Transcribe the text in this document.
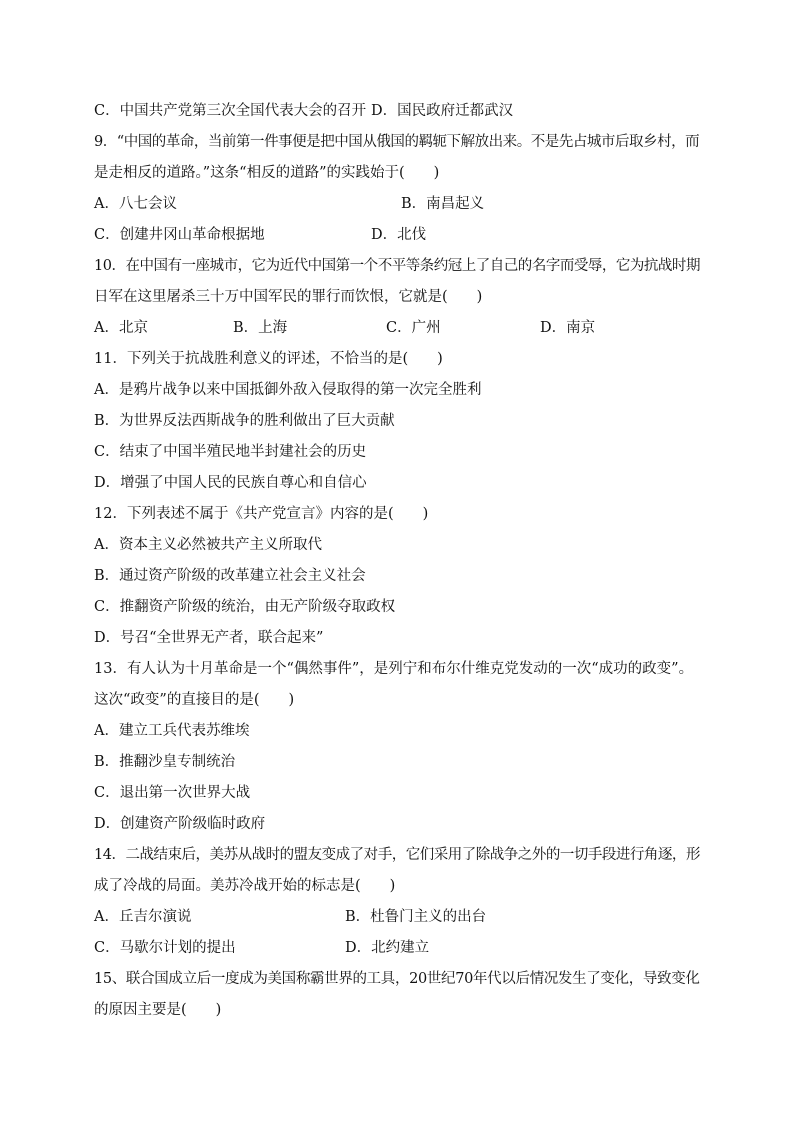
C．中国共产党第三次全国代表大会的召开 D．国民政府迁都武汉
9．“中国的革命，当前第一件事便是把中国从俄国的羁轭下解放出来。不是先占城市后取乡村，而
是走相反的道路。”这条“相反的道路”的实践始于(　　)
A．八七会议	B．南昌起义
C．创建井冈山革命根据地	D．北伐
10．在中国有一座城市，它为近代中国第一个不平等条约冠上了自己的名字而受辱，它为抗战时期
日军在这里屠杀三十万中国军民的罪行而饮恨，它就是(　　)
A．北京	B．上海	C．广州	D．南京
11．下列关于抗战胜利意义的评述，不恰当的是(　　)
A．是鸦片战争以来中国抵御外敌入侵取得的第一次完全胜利
B．为世界反法西斯战争的胜利做出了巨大贡献
C．结束了中国半殖民地半封建社会的历史
D．增强了中国人民的民族自尊心和自信心
12．下列表述不属于《共产党宣言》内容的是(　　)
A．资本主义必然被共产主义所取代
B．通过资产阶级的改革建立社会主义社会
C．推翻资产阶级的统治，由无产阶级夺取政权
D．号召“全世界无产者，联合起来”
13．有人认为十月革命是一个“偶然事件”，是列宁和布尔什维克党发动的一次“成功的政变”。
这次“政变”的直接目的是(　　)
A．建立工兵代表苏维埃
B．推翻沙皇专制统治
C．退出第一次世界大战
D．创建资产阶级临时政府
14．二战结束后，美苏从战时的盟友变成了对手，它们采用了除战争之外的一切手段进行角逐，形
成了冷战的局面。美苏冷战开始的标志是(　　)
A．丘吉尔演说	B．杜鲁门主义的出台
C．马歇尔计划的提出	D．北约建立
15、联合国成立后一度成为美国称霸世界的工具，20世纪70年代以后情况发生了变化，导致变化
的原因主要是(　　)
